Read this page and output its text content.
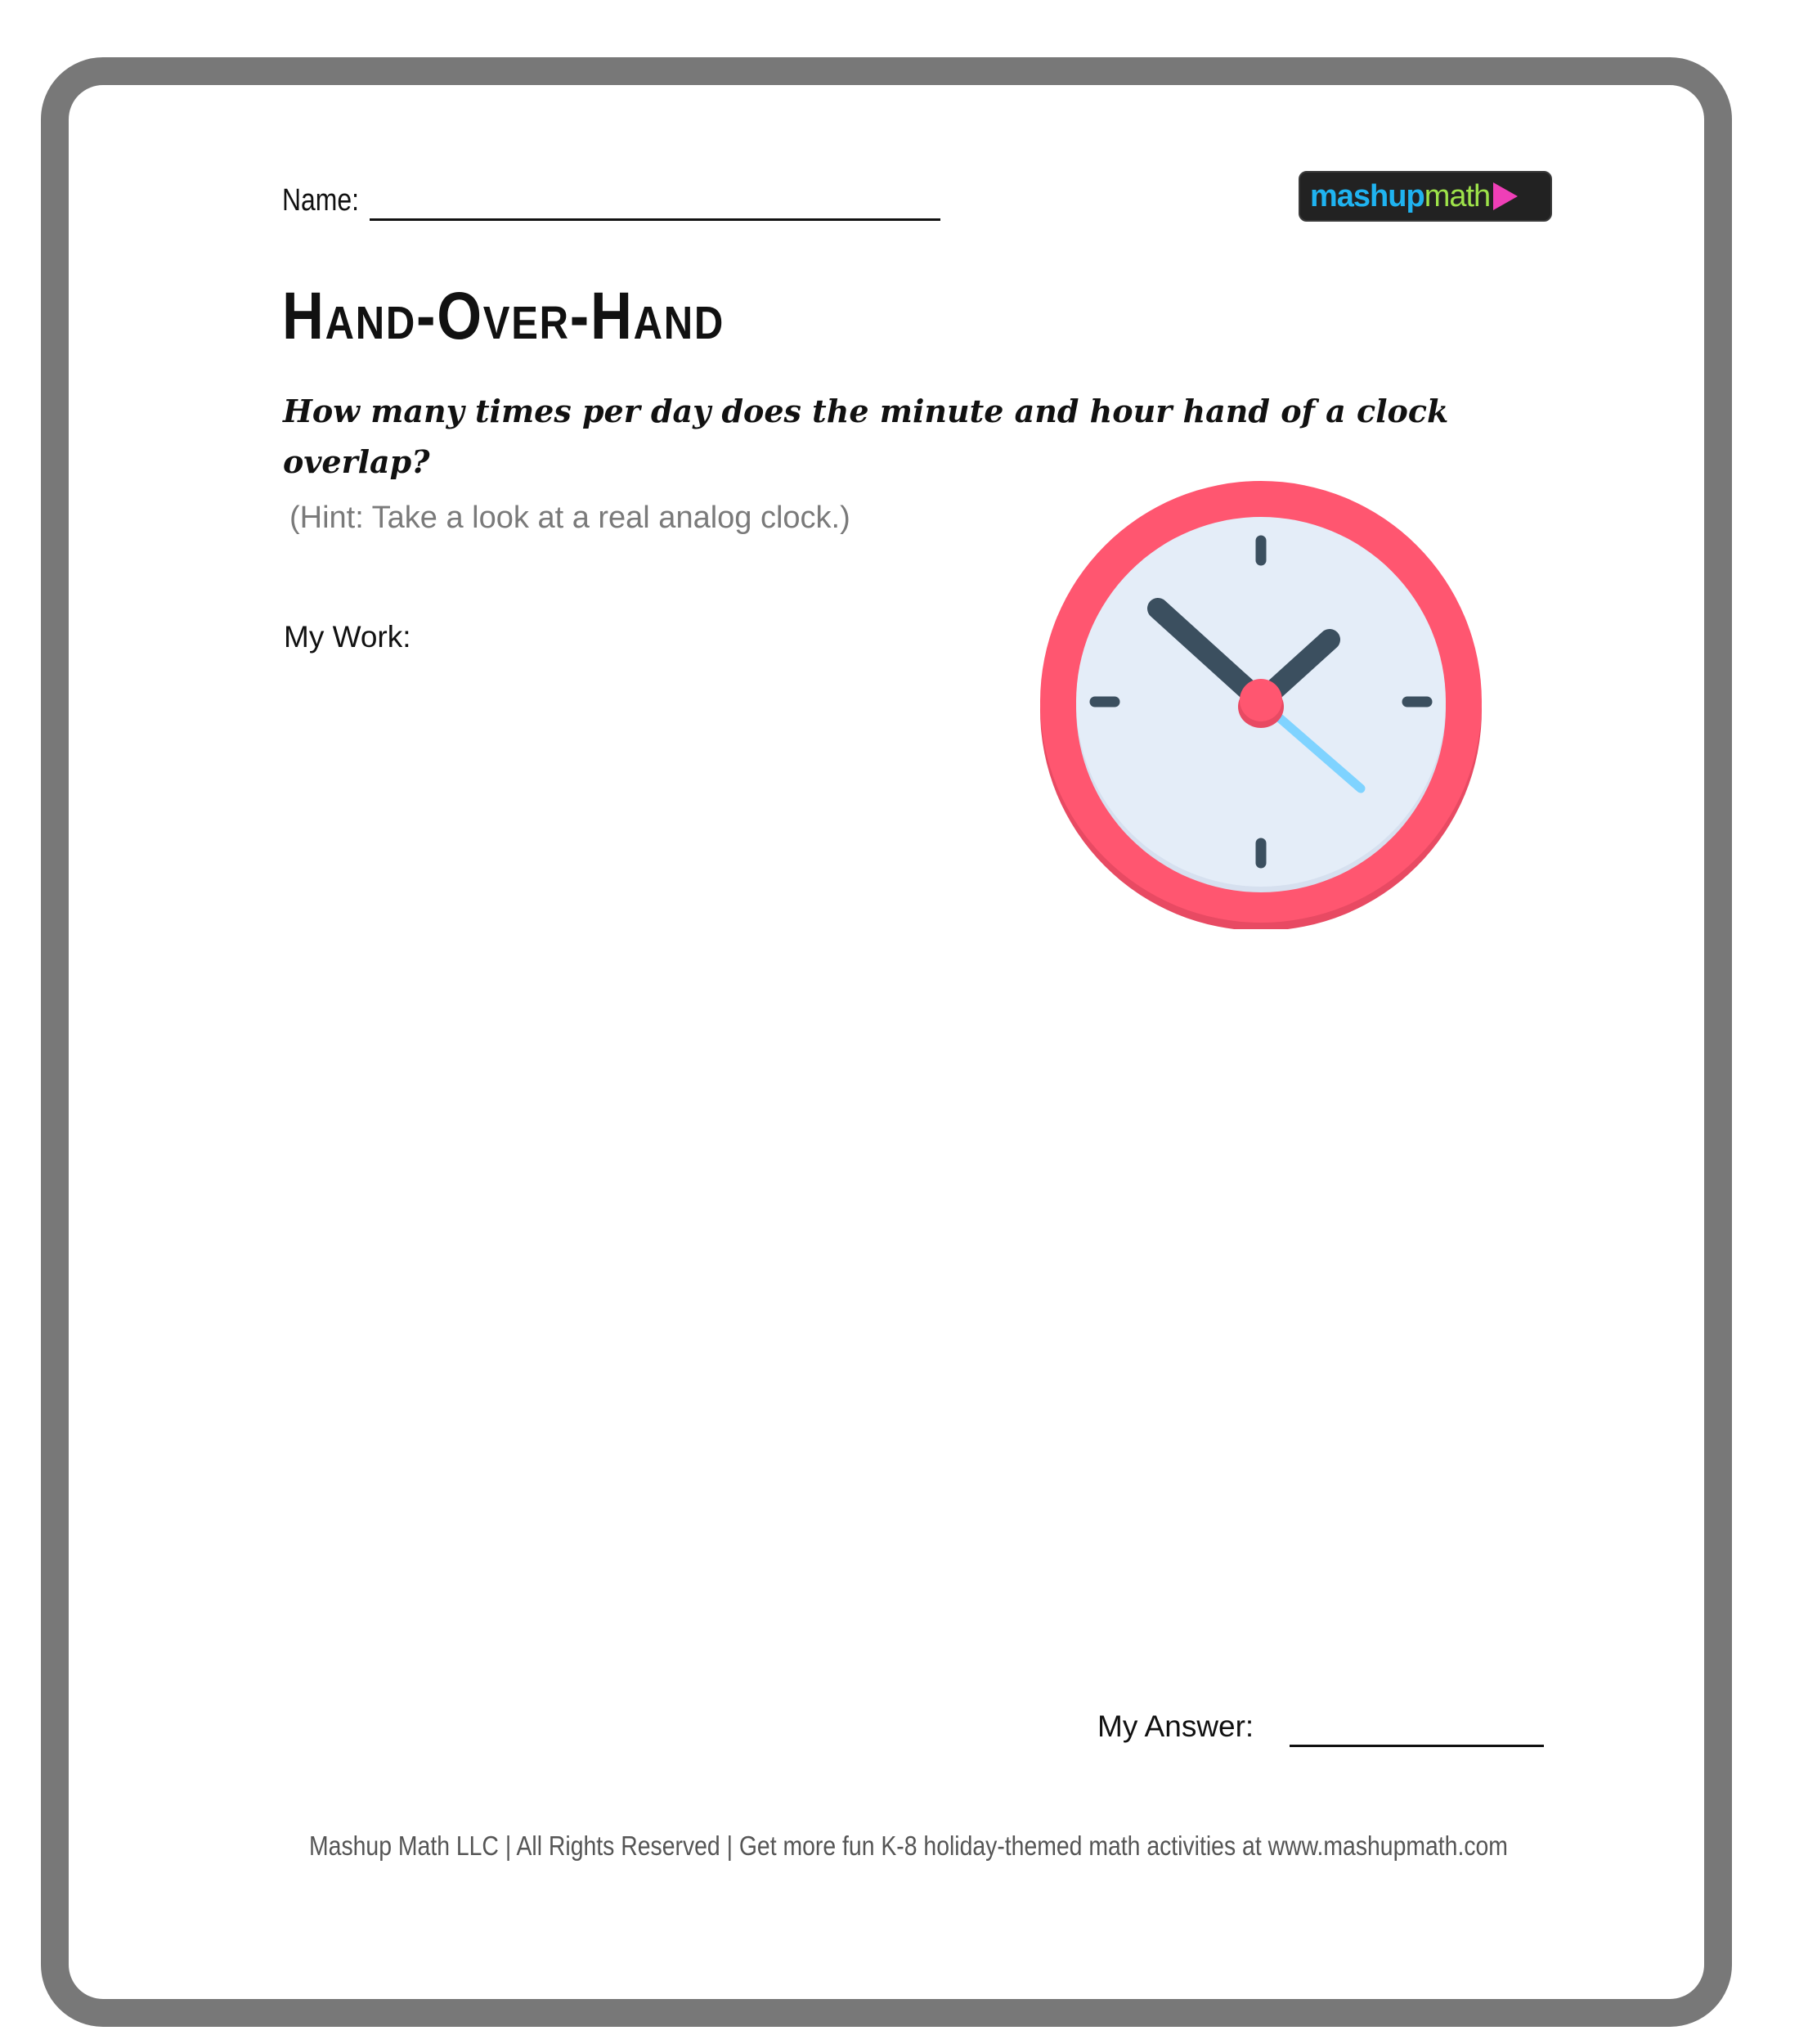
Name:	mashup math
Hand-Over-Hand
How many times per day does the minute and hour hand of a clock overlap?
(Hint: Take a look at a real analog clock.)
My Work:
My Answer:
Mashup Math LLC | All Rights Reserved | Get more fun K-8 holiday-themed math activities at www.mashupmath.com
